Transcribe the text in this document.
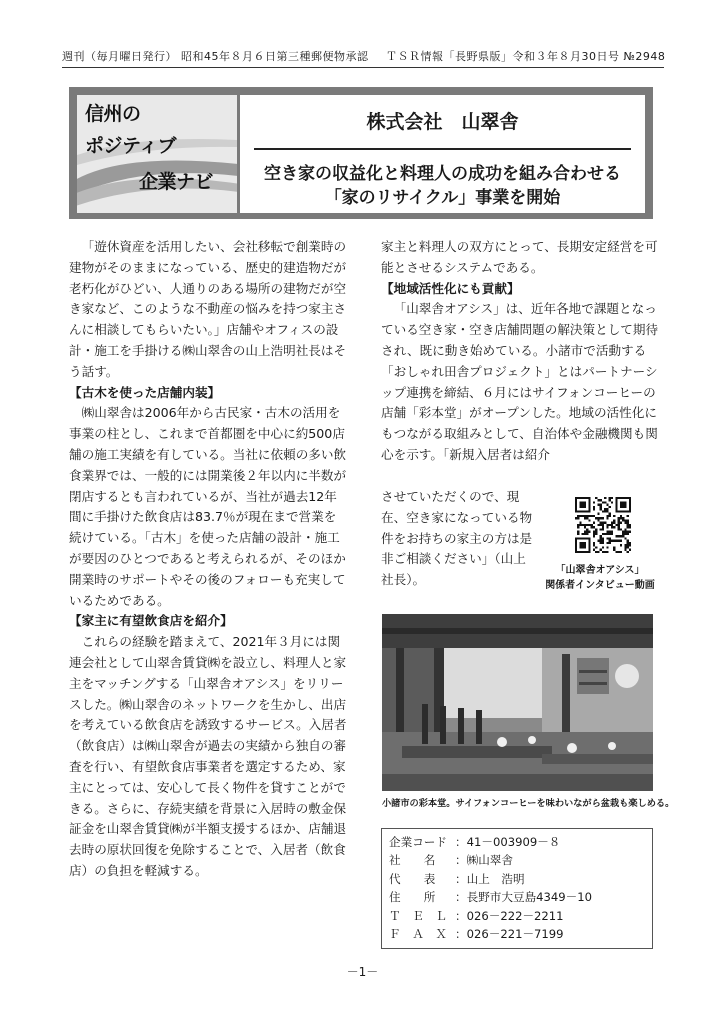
週刊（毎月曜日発行） 昭和45年８月６日第三種郵便物承認 ＴＳＲ情報「長野県版」令和３年８月30日号 №2948
信州の
ポジティブ
企業ナビ
株式会社　山翠舎
空き家の収益化と料理人の成功を組み合わせる
「家のリサイクル」事業を開始

「遊休資産を活用したい、会社移転で創業時の建物がそのままになっている、歴史的建造物だが老朽化がひどい、人通りのある場所の建物だが空き家など、このような不動産の悩みを持つ家主さんに相談してもらいたい。」店舗やオフィスの設計・施工を手掛ける㈱山翠舎の山上浩明社長はそう話す。

【古木を使った店舗内装】

㈱山翠舎は2006年から古民家・古木の活用を事業の柱とし、これまで首都圏を中心に約500店舗の施工実績を有している。当社に依頼の多い飲食業界では、一般的には開業後２年以内に半数が閉店するとも言われているが、当社が過去12年間に手掛けた飲食店は83.7％が現在まで営業を続けている。「古木」を使った店舗の設計・施工が要因のひとつであると考えられるが、そのほか開業時のサポートやその後のフォローも充実しているためである。

【家主に有望飲食店を紹介】

これらの経験を踏まえて、2021年３月には関連会社として山翠舎賃貸㈱を設立し、料理人と家主をマッチングする「山翠舎オアシス」をリリースした。㈱山翠舎のネットワークを生かし、出店を考えている飲食店を誘致するサービス。入居者（飲食店）は㈱山翠舎が過去の実績から独自の審査を行い、有望飲食店事業者を選定するため、家主にとっては、安心して長く物件を貸すことができる。さらに、存続実績を背景に入居時の敷金保証金を山翠舎賃貸㈱が半額支援するほか、店舗退去時の原状回復を免除することで、入居者（飲食店）の負担を軽減する。

家主と料理人の双方にとって、長期安定経営を可能とさせるシステムである。

【地域活性化にも貢献】

「山翠舎オアシス」は、近年各地で課題となっている空き家・空き店舗問題の解決策として期待され、既に動き始めている。小諸市で活動する「おしゃれ田舎プロジェクト」とはパートナーシップ連携を締結、６月にはサイフォンコーヒーの店舗「彩本堂」がオープンした。地域の活性化にもつながる取組みとして、自治体や金融機関も関心を示す。「新規入居者は紹介

させていただくので、現在、空き家になっている物件をお持ちの家主の方は是非ご相談ください」（山上社長）。

「山翠舎オアシス」
関係者インタビュー動画
小諸市の彩本堂。サイフォンコーヒーを味わいながら盆栽も楽しめる。
企業コード ：41－003909－８
社　　名	：㈱山翠舎
代　　表	：山上　浩明
住　　所	：長野市大豆島4349－10
Ｔ　Ｅ　Ｌ ：026－222－2211
Ｆ　Ａ　Ｘ ：026－221－7199
－1－
